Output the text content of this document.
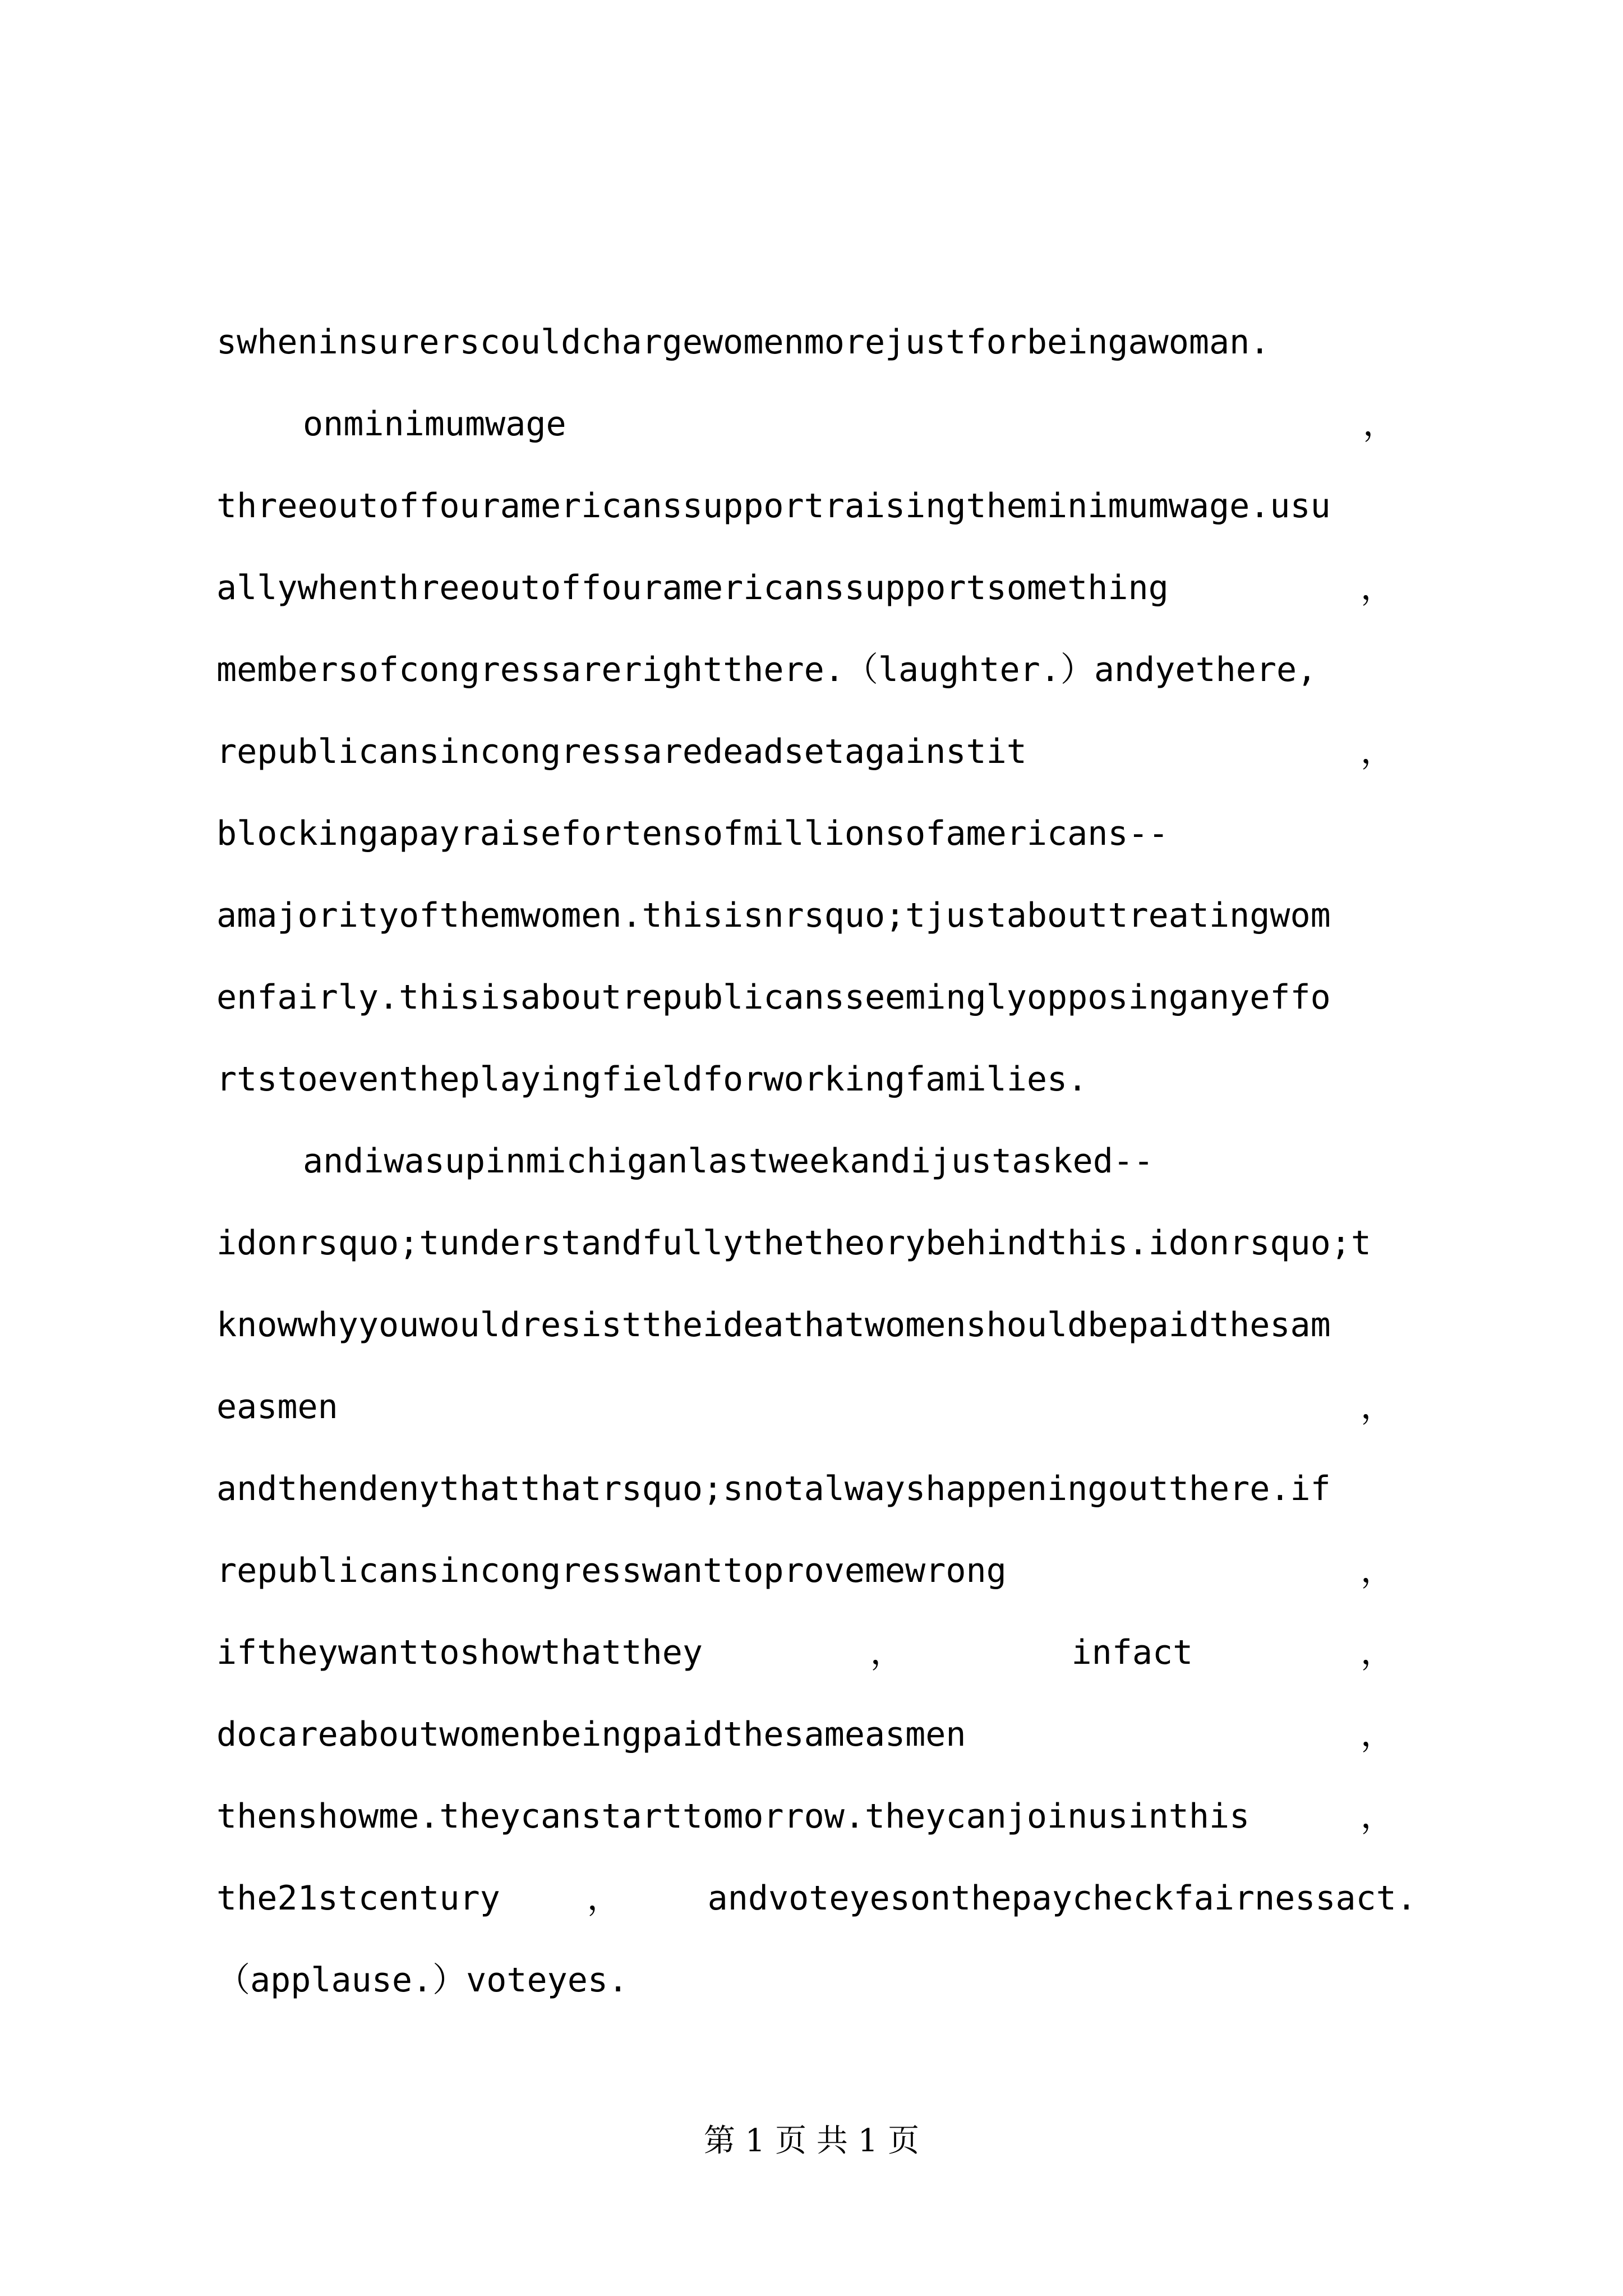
swheninsurerscouldchargewomenmorejustforbeingawoman.
onminimumwage	，
threeoutoffouramericanssupportraisingtheminimumwage.usu
allywhenthreeoutoffouramericanssupportsomething	，
membersofcongressarerightthere.（laughter.）andyethere,
republicansincongressaredeadsetagainstit	，
blockingapayraisefortensofmillionsofamericans--
amajorityofthemwomen.thisisnrsquo;tjustabouttreatingwom
enfairly.thisisaboutrepublicansseeminglyopposinganyeffo
rtstoeventheplayingfieldforworkingfamilies.
andiwasupinmichiganlastweekandijustasked--
idonrsquo;tunderstandfullythetheorybehindthis.idonrsquo;t
knowwhyyouwouldresisttheideathatwomenshouldbepaidthesam
easmen	，
andthendenythatthatrsquo;snotalwayshappeningoutthere.if
republicansincongresswanttoprovemewrong	，
iftheywanttoshowthatthey	，	infact	，
docareaboutwomenbeingpaidthesameasmen	，
thenshowme.theycanstarttomorrow.theycanjoinusinthis	，
the21stcentury	，	andvoteyesonthepaycheckfairnessact.
（applause.）voteyes.
第 1 页 共 1 页
